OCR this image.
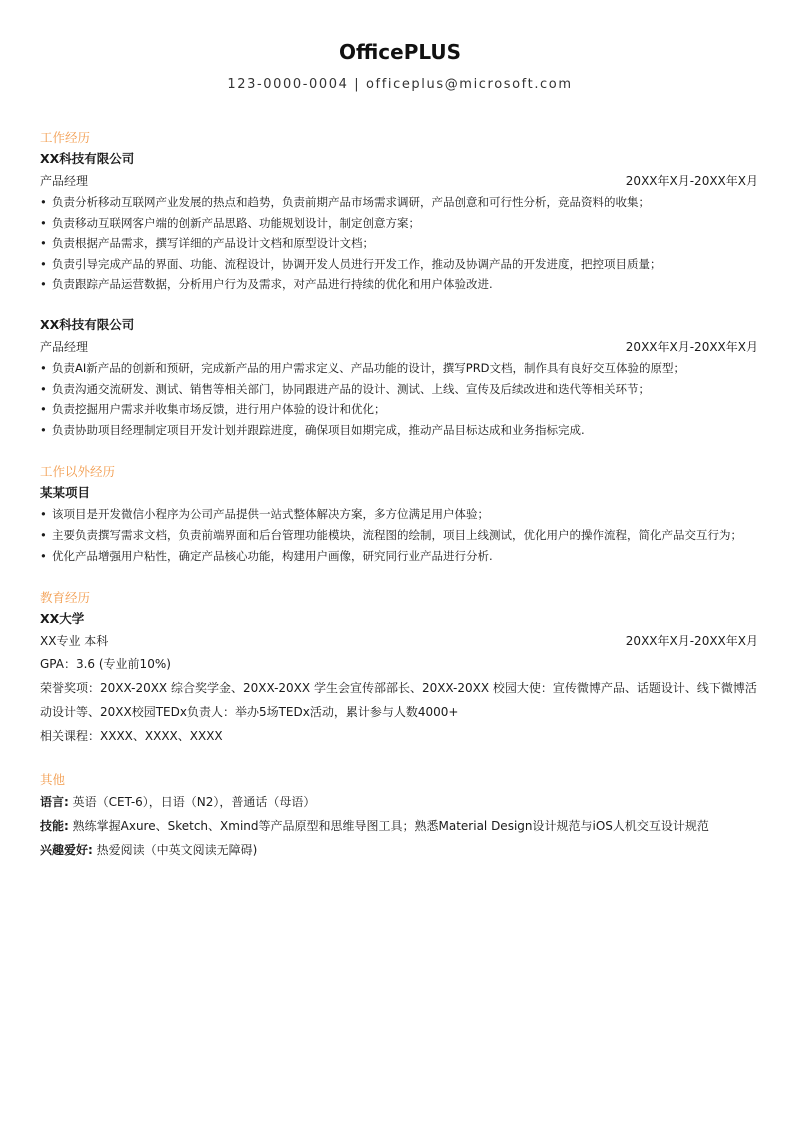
OfficePLUS
123-0000-0004 | officeplus@microsoft.com
工作经历
XX科技有限公司
产品经理	20XX年X月-20XX年X月
• 负责分析移动互联网产业发展的热点和趋势，负责前期产品市场需求调研，产品创意和可行性分析，竞品资料的收集；
• 负责移动互联网客户端的创新产品思路、功能规划设计，制定创意方案；
• 负责根据产品需求，撰写详细的产品设计文档和原型设计文档；
• 负责引导完成产品的界面、功能、流程设计，协调开发人员进行开发工作，推动及协调产品的开发进度，把控项目质量；
• 负责跟踪产品运营数据，分析用户行为及需求，对产品进行持续的优化和用户体验改进.
XX科技有限公司
产品经理	20XX年X月-20XX年X月
• 负责AI新产品的创新和预研，完成新产品的用户需求定义、产品功能的设计，撰写PRD文档，制作具有良好交互体验的原型；
• 负责沟通交流研发、测试、销售等相关部门，协同跟进产品的设计、测试、上线、宣传及后续改进和迭代等相关环节；
• 负责挖掘用户需求并收集市场反馈，进行用户体验的设计和优化；
• 负责协助项目经理制定项目开发计划并跟踪进度，确保项目如期完成，推动产品目标达成和业务指标完成.
工作以外经历
某某项目
• 该项目是开发微信小程序为公司产品提供一站式整体解决方案，多方位满足用户体验；
• 主要负责撰写需求文档，负责前端界面和后台管理功能模块，流程图的绘制，项目上线测试，优化用户的操作流程，简化产品交互行为；
• 优化产品增强用户粘性，确定产品核心功能，构建用户画像，研究同行业产品进行分析.
教育经历
XX大学
XX专业 本科	20XX年X月-20XX年X月
GPA：3.6 (专业前10%)
荣誉奖项：20XX-20XX 综合奖学金、20XX-20XX 学生会宣传部部长、20XX-20XX 校园大使：宣传微博产品、话题设计、线下微博活动设计等、20XX校园TEDx负责人：举办5场TEDx活动，累计参与人数4000+
相关课程：XXXX、XXXX、XXXX
其他
语言: 英语（CET-6），日语（N2），普通话（母语）
技能: 熟练掌握Axure、Sketch、Xmind等产品原型和思维导图工具；熟悉Material Design设计规范与iOS人机交互设计规范
兴趣爱好: 热爱阅读（中英文阅读无障碍)
